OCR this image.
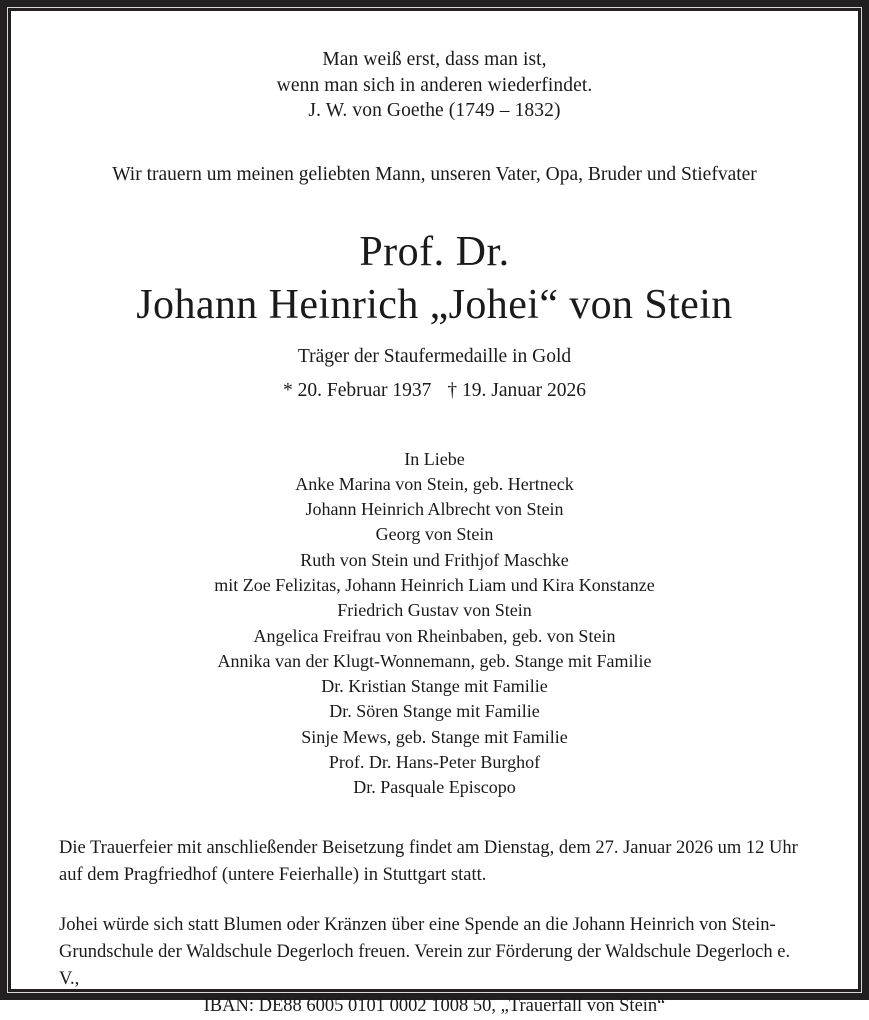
Man weiß erst, dass man ist,
wenn man sich in anderen wiederfindet.
J. W. von Goethe (1749 – 1832)
Wir trauern um meinen geliebten Mann, unseren Vater, Opa, Bruder und Stiefvater
Prof. Dr.
Johann Heinrich „Johei“ von Stein
Träger der Staufermedaille in Gold
* 20. Februar 1937 † 19. Januar 2026
In Liebe
Anke Marina von Stein, geb. Hertneck
Johann Heinrich Albrecht von Stein
Georg von Stein
Ruth von Stein und Frithjof Maschke
mit Zoe Felizitas, Johann Heinrich Liam und Kira Konstanze
Friedrich Gustav von Stein
Angelica Freifrau von Rheinbaben, geb. von Stein
Annika van der Klugt-Wonnemann, geb. Stange mit Familie
Dr. Kristian Stange mit Familie
Dr. Sören Stange mit Familie
Sinje Mews, geb. Stange mit Familie
Prof. Dr. Hans-Peter Burghof
Dr. Pasquale Episcopo
Die Trauerfeier mit anschließender Beisetzung findet am Dienstag, dem 27. Januar 2026 um 12 Uhr auf dem Pragfriedhof (untere Feierhalle) in Stuttgart statt.
Johei würde sich statt Blumen oder Kränzen über eine Spende an die Johann Heinrich von Stein-Grundschule der Waldschule Degerloch freuen. Verein zur Förderung der Waldschule Degerloch e. V.,
IBAN: DE88 6005 0101 0002 1008 50, „Trauerfall von Stein“
